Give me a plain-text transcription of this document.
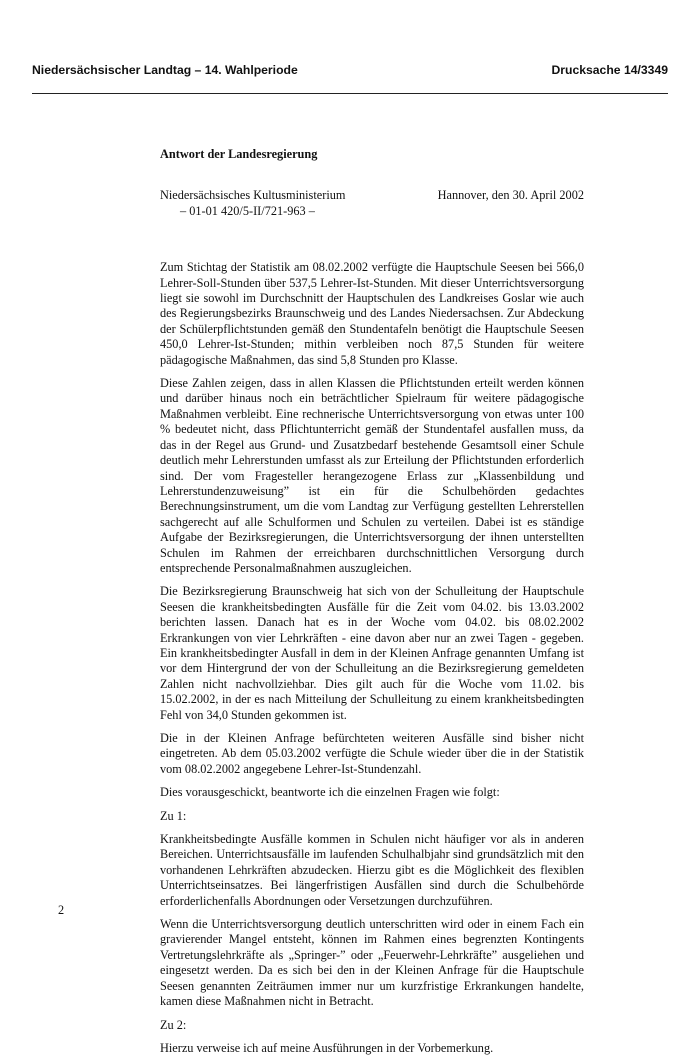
Niedersächsischer Landtag – 14. Wahlperiode	Drucksache 14/3349
Antwort der Landesregierung
Niedersächsisches Kultusministerium	Hannover, den 30. April 2002
– 01-01 420/5-II/721-963 –

Zum Stichtag der Statistik am 08.02.2002 verfügte die Hauptschule Seesen bei 566,0 Lehrer-Soll-Stunden über 537,5 Lehrer-Ist-Stunden. Mit dieser Unterrichtsversorgung liegt sie sowohl im Durchschnitt der Hauptschulen des Landkreises Goslar wie auch des Regierungsbezirks Braunschweig und des Landes Niedersachsen. Zur Abdeckung der Schülerpflichtstunden gemäß den Stundentafeln benötigt die Hauptschule Seesen 450,0 Lehrer-Ist-Stunden; mithin verbleiben noch 87,5 Stunden für weitere pädagogische Maßnahmen, das sind 5,8 Stunden pro Klasse.

Diese Zahlen zeigen, dass in allen Klassen die Pflichtstunden erteilt werden können und darüber hinaus noch ein beträchtlicher Spielraum für weitere pädagogische Maßnahmen verbleibt. Eine rechnerische Unterrichtsversorgung von etwas unter 100 % bedeutet nicht, dass Pflichtunterricht gemäß der Stundentafel ausfallen muss, da das in der Regel aus Grund- und Zusatzbedarf bestehende Gesamtsoll einer Schule deutlich mehr Lehrerstunden umfasst als zur Erteilung der Pflichtstunden erforderlich sind. Der vom Fragesteller herangezogene Erlass zur „Klassenbildung und Lehrerstundenzuweisung” ist ein für die Schulbehörden gedachtes Berechnungsinstrument, um die vom Landtag zur Verfügung gestellten Lehrerstellen sachgerecht auf alle Schulformen und Schulen zu verteilen. Dabei ist es ständige Aufgabe der Bezirksregierungen, die Unterrichtsversorgung der ihnen unterstellten Schulen im Rahmen der erreichbaren durchschnittlichen Versorgung durch entsprechende Personalmaßnahmen auszugleichen.

Die Bezirksregierung Braunschweig hat sich von der Schulleitung der Hauptschule Seesen die krankheitsbedingten Ausfälle für die Zeit vom 04.02. bis 13.03.2002 berichten lassen. Danach hat es in der Woche vom 04.02. bis 08.02.2002 Erkrankungen von vier Lehrkräften - eine davon aber nur an zwei Tagen - gegeben. Ein krankheitsbedingter Ausfall in dem in der Kleinen Anfrage genannten Umfang ist vor dem Hintergrund der von der Schulleitung an die Bezirksregierung gemeldeten Zahlen nicht nachvollziehbar. Dies gilt auch für die Woche vom 11.02. bis 15.02.2002, in der es nach Mitteilung der Schulleitung zu einem krankheitsbedingten Fehl von 34,0 Stunden gekommen ist.

Die in der Kleinen Anfrage befürchteten weiteren Ausfälle sind bisher nicht eingetreten. Ab dem 05.03.2002 verfügte die Schule wieder über die in der Statistik vom 08.02.2002 angegebene Lehrer-Ist-Stundenzahl.

Dies vorausgeschickt, beantworte ich die einzelnen Fragen wie folgt:

Zu 1:

Krankheitsbedingte Ausfälle kommen in Schulen nicht häufiger vor als in anderen Bereichen. Unterrichtsausfälle im laufenden Schulhalbjahr sind grundsätzlich mit den vorhandenen Lehrkräften abzudecken. Hierzu gibt es die Möglichkeit des flexiblen Unterrichtseinsatzes. Bei längerfristigen Ausfällen sind durch die Schulbehörde erforderlichenfalls Abordnungen oder Versetzungen durchzuführen.

Wenn die Unterrichtsversorgung deutlich unterschritten wird oder in einem Fach ein gravierender Mangel entsteht, können im Rahmen eines begrenzten Kontingents Vertretungslehrkräfte als „Springer-” oder „Feuerwehr-Lehrkräfte” ausgeliehen und eingesetzt werden. Da es sich bei den in der Kleinen Anfrage für die Hauptschule Seesen genannten Zeiträumen immer nur um kurzfristige Erkrankungen handelte, kamen diese Maßnahmen nicht in Betracht.

Zu 2:

Hierzu verweise ich auf meine Ausführungen in der Vorbemerkung.

2
